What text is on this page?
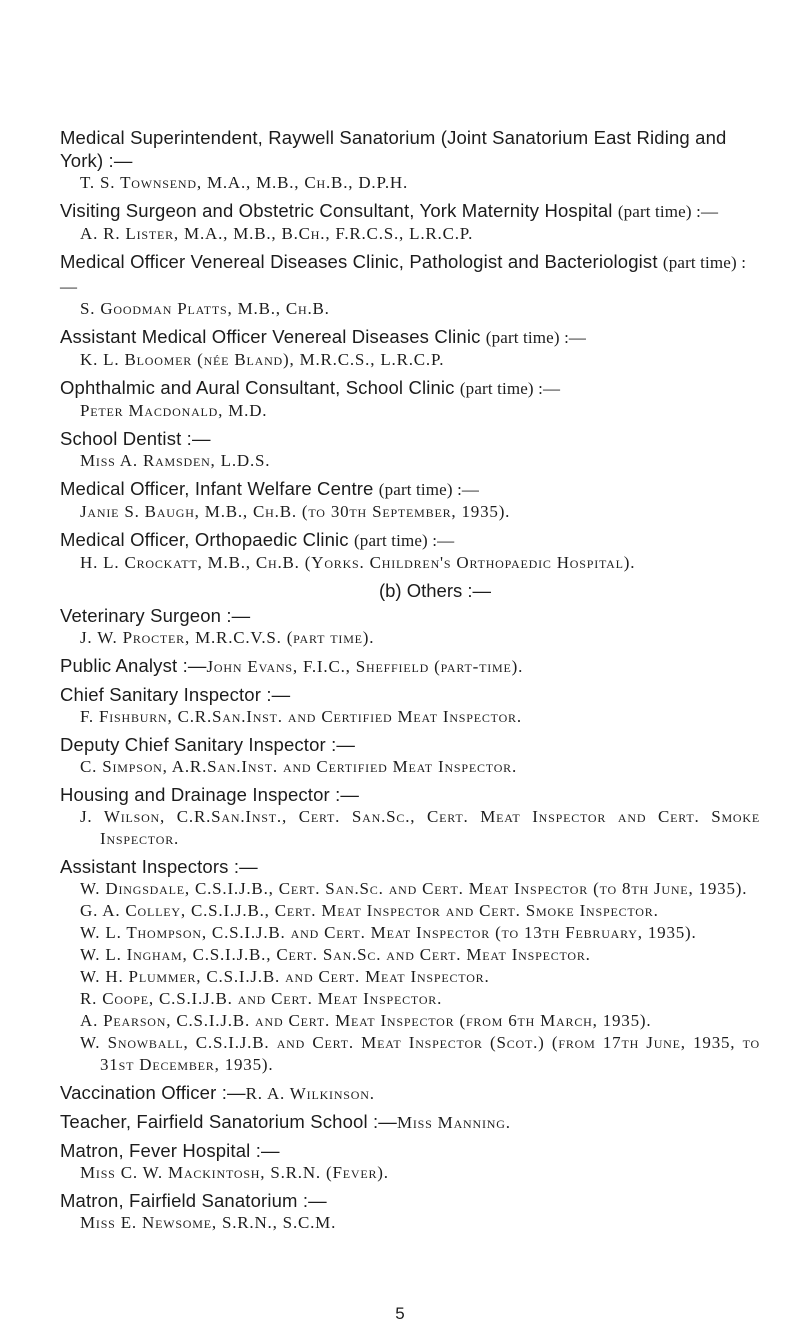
Medical Superintendent, Raywell Sanatorium (Joint Sanatorium East Riding and York) :—
T. S. Townsend, M.A., M.B., Ch.B., D.P.H.
Visiting Surgeon and Obstetric Consultant, York Maternity Hospital (part time) :—
A. R. Lister, M.A., M.B., B.Ch., F.R.C.S., L.R.C.P.
Medical Officer Venereal Diseases Clinic, Pathologist and Bacteriologist (part time) :—
S. Goodman Platts, M.B., Ch.B.
Assistant Medical Officer Venereal Diseases Clinic (part time) :—
K. L. Bloomer (née Bland), M.R.C.S., L.R.C.P.
Ophthalmic and Aural Consultant, School Clinic (part time) :—
Peter Macdonald, M.D.
School Dentist :—
Miss A. Ramsden, L.D.S.
Medical Officer, Infant Welfare Centre (part time) :—
Janie S. Baugh, M.B., Ch.B. (to 30th September, 1935).
Medical Officer, Orthopaedic Clinic (part time) :—
H. L. Crockatt, M.B., Ch.B. (Yorks. Children's Orthopaedic Hospital).
(b) Others :—
Veterinary Surgeon :—
J. W. Procter, M.R.C.V.S. (part time).
Public Analyst :—John Evans, F.I.C., Sheffield (part-time).
Chief Sanitary Inspector :—
F. Fishburn, C.R.San.Inst. and Certified Meat Inspector.
Deputy Chief Sanitary Inspector :—
C. Simpson, A.R.San.Inst. and Certified Meat Inspector.
Housing and Drainage Inspector :—
J. Wilson, C.R.San.Inst., Cert. San.Sc., Cert. Meat Inspector and Cert. Smoke Inspector.
Assistant Inspectors :—
W. Dingsdale, C.S.I.J.B., Cert. San.Sc. and Cert. Meat Inspector (to 8th June, 1935).
G. A. Colley, C.S.I.J.B., Cert. Meat Inspector and Cert. Smoke Inspector.
W. L. Thompson, C.S.I.J.B. and Cert. Meat Inspector (to 13th February, 1935).
W. L. Ingham, C.S.I.J.B., Cert. San.Sc. and Cert. Meat Inspector.
W. H. Plummer, C.S.I.J.B. and Cert. Meat Inspector.
R. Coope, C.S.I.J.B. and Cert. Meat Inspector.
A. Pearson, C.S.I.J.B. and Cert. Meat Inspector (from 6th March, 1935).
W. Snowball, C.S.I.J.B. and Cert. Meat Inspector (Scot.) (from 17th June, 1935, to 31st December, 1935).
Vaccination Officer :—R. A. Wilkinson.
Teacher, Fairfield Sanatorium School :—Miss Manning.
Matron, Fever Hospital :—
Miss C. W. Mackintosh, S.R.N. (Fever).
Matron, Fairfield Sanatorium :—
Miss E. Newsome, S.R.N., S.C.M.
5
